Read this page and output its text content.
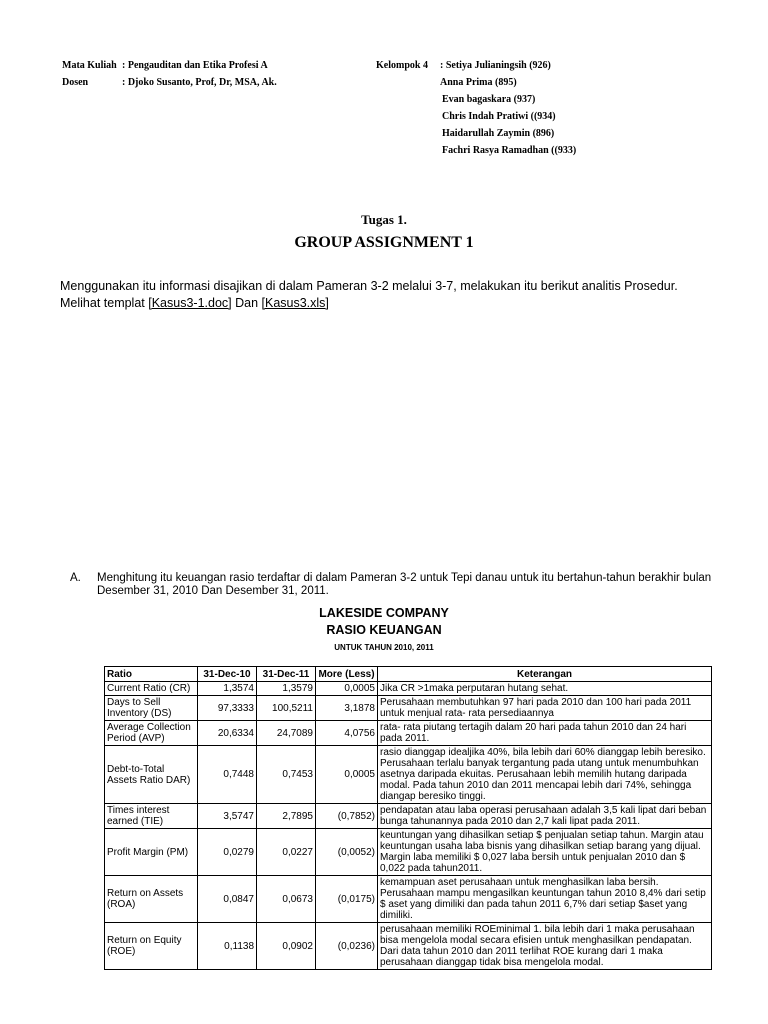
Mata Kuliah : Pengauditan dan Etika Profesi A	Kelompok 4	: Setiya Julianingsih (926)
Dosen	: Djoko Susanto, Prof, Dr, MSA, Ak.	Anna Prima (895)
Evan bagaskara (937)
Chris Indah Pratiwi ((934)
Haidarullah Zaymin (896)
Fachri Rasya Ramadhan ((933)
Tugas 1.
GROUP ASSIGNMENT 1
Menggunakan itu informasi disajikan di dalam Pameran 3-2 melalui 3-7, melakukan itu berikut analitis Prosedur.
Melihat templat [Kasus3-1.doc] Dan [Kasus3.xls]
A.	Menghitung itu keuangan rasio terdaftar di dalam Pameran 3-2 untuk Tepi danau untuk itu bertahun-tahun berakhir bulan Desember 31, 2010 Dan Desember 31, 2011.
LAKESIDE COMPANY
RASIO KEUANGAN
UNTUK TAHUN 2010, 2011
Ratio	31-Dec-10	31-Dec-11	More (Less)	Keterangan
Current Ratio (CR)	1,3574	1,3579	0,0005	Jika CR >1maka perputaran hutang sehat.
Days to Sell Inventory (DS)	97,3333	100,5211	3,1878	Perusahaan membutuhkan 97 hari pada 2010 dan 100 hari pada 2011 untuk menjual rata- rata persediaannya
Average Collection Period (AVP)	20,6334	24,7089	4,0756	rata- rata piutang tertagih dalam 20 hari pada tahun 2010 dan 24 hari pada 2011.
Debt-to-Total Assets Ratio DAR)	0,7448	0,7453	0,0005	rasio dianggap idealjika 40%, bila lebih dari 60% dianggap lebih beresiko. Perusahaan terlalu banyak tergantung pada utang untuk menumbuhkan asetnya daripada ekuitas. Perusahaan lebih memilih hutang daripada modal. Pada tahun 2010 dan 2011 mencapai lebih dari 74%, sehingga diangap beresiko tinggi.
Times interest earned (TIE)	3,5747	2,7895	(0,7852)	pendapatan atau laba operasi perusahaan adalah 3,5 kali lipat dari beban bunga tahunannya pada 2010 dan 2,7 kali lipat pada 2011.
Profit Margin (PM)	0,0279	0,0227	(0,0052)	keuntungan yang dihasilkan setiap $ penjualan setiap tahun. Margin atau keuntungan usaha laba bisnis yang dihasilkan setiap barang yang dijual. Margin laba memiliki $ 0,027 laba bersih untuk penjualan 2010 dan $ 0,022 pada tahun2011.
Return on Assets (ROA)	0,0847	0,0673	(0,0175)	kemampuan aset perusahaan untuk menghasilkan laba bersih. Perusahaan mampu mengasilkan keuntungan tahun 2010 8,4% dari setip $ aset yang dimiliki dan pada tahun 2011 6,7% dari setiap $aset yang dimiliki.
Return on Equity (ROE)	0,1138	0,0902	(0,0236)	perusahaan memiliki ROEminimal 1. bila lebih dari 1 maka perusahaan bisa mengelola modal secara efisien untuk menghasilkan pendapatan. Dari data tahun 2010 dan 2011 terlihat ROE kurang dari 1 maka perusahaan dianggap tidak bisa mengelola modal.
